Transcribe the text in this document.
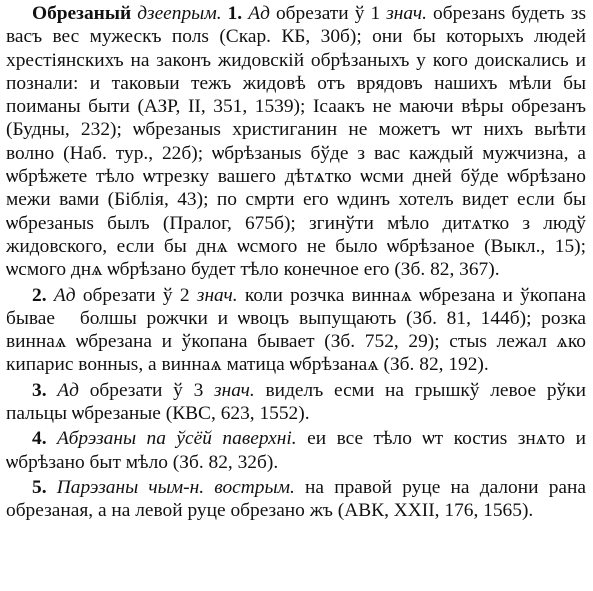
Обрезаный дзеепрым. 1. Ад обрезати ў 1 знач. обрезанѕ будеть зѕ васъ вес мужескъ полѕ (Скар. КБ, 30б); они бы которыхъ людей хрестіянскихъ на законъ жидовскій обрѣзаныхъ у кого доискались и познали: и таковыи тежъ жидовѣ отъ врядовъ нашихъ мѣли бы поиманы быти (АЗР, II, 351, 1539); Ісаакъ не маючи вѣры обрезанъ (Будны, 232); ѡбрезаныѕ христиганин не можетъ ѡт нихъ выѣти волно (Наб. тур., 22б); ѡбрѣзаныѕ бўде з вас каждый мужчизна, а ѡбрѣжете тѣло ѡтрезку вашего дѣтѧтко ѡсми дней бўде ѡбрѣзано межи вами (Біблія, 43); по смрти его ѡдинъ хотелъ видет если бы ѡбрезаныѕ былъ (Пралог, 675б); згинўти мѣло дитѧтко з людў жидовского, если бы днѧ ѡсмого не было ѡбрѣзаное (Выкл., 15); ѡсмого днѧ ѡбрѣзано будет тѣло конечное его (Зб. 82, 367).

2. Ад обрезати ў 2 знач. коли розчка виннаѧ ѡбрезана и ўкопана бываеⷮ болшы рожчки и ѡвоцъ выпущають (Зб. 81, 144б); розка виннаѧ ѡбрезана и ўкопана бывает (Зб. 752, 29); стыѕ лежал ѧко кипарис вонныѕ, а виннаѧ матица ѡбрѣзанаѧ (Зб. 82, 192).

3. Ад обрезати ў 3 знач. виделъ есми на грышкў левое рўки пальцы ѡбрезаные (КВС, 623, 1552).

4. Абрэзаны па ўсёй паверхні. еи все тѣло ѡт костиѕ знѧто и ѡбрѣзано быт мѣло (Зб. 82, 32б).

5. Парэзаны чым-н. вострым. на правой руце на далони рана обрезаная, а на левой руце обрезано жъ (АВК, XXII, 176, 1565).
